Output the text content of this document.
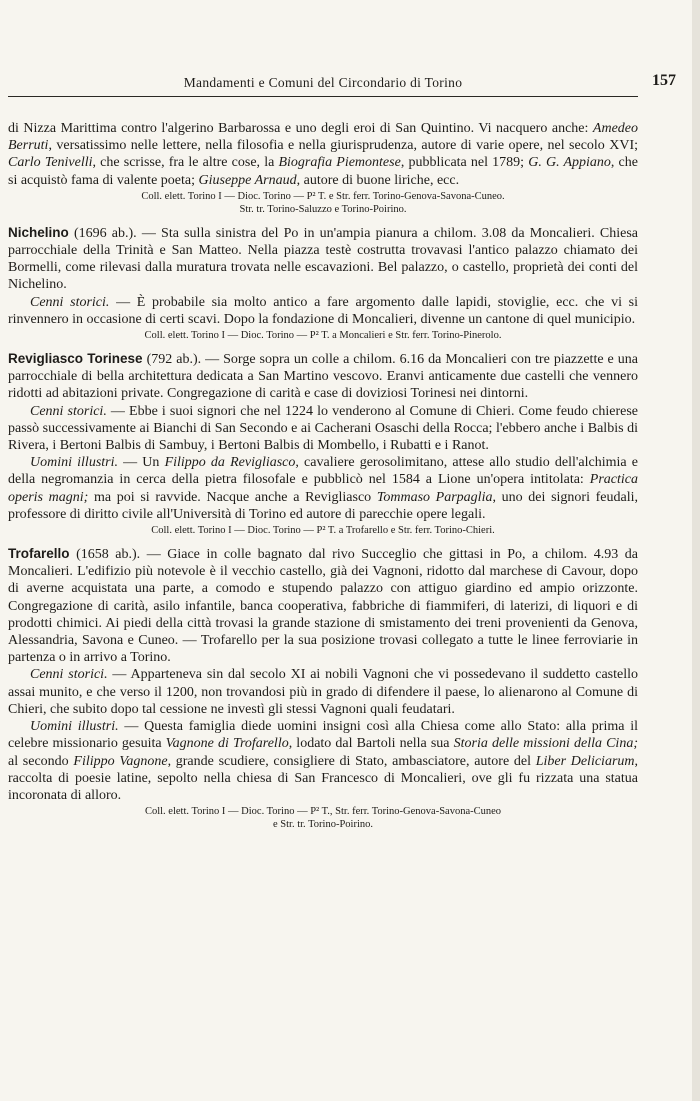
Mandamenti e Comuni del Circondario di Torino	157

di Nizza Marittima contro l'algerino Barbarossa e uno degli eroi di San Quintino. Vi nacquero anche: Amedeo Berruti, versatissimo nelle lettere, nella filosofia e nella giurisprudenza, autore di varie opere, nel secolo XVI; Carlo Tenivelli, che scrisse, fra le altre cose, la Biografia Piemontese, pubblicata nel 1789; G. G. Appiano, che si acquistò fama di valente poeta; Giuseppe Arnaud, autore di buone liriche, ecc.

Coll. elett. Torino I — Dioc. Torino — P² T. e Str. ferr. Torino-Genova-Savona-Cuneo.

Str. tr. Torino-Saluzzo e Torino-Poirino.

Nichelino (1696 ab.). — Sta sulla sinistra del Po in un'ampia pianura a chilom. 3.08 da Moncalieri. Chiesa parrocchiale della Trinità e San Matteo. Nella piazza testè costrutta trovavasi l'antico palazzo chiamato dei Bormelli, come rilevasi dalla muratura trovata nelle escavazioni. Bel palazzo, o castello, proprietà dei conti del Nichelino.

Cenni storici. — È probabile sia molto antico a fare argomento dalle lapidi, stoviglie, ecc. che vi si rinvennero in occasione di certi scavi. Dopo la fondazione di Moncalieri, divenne un cantone di quel municipio.

Coll. elett. Torino I — Dioc. Torino — P² T. a Moncalieri e Str. ferr. Torino-Pinerolo.

Revigliasco Torinese (792 ab.). — Sorge sopra un colle a chilom. 6.16 da Moncalieri con tre piazzette e una parrocchiale di bella architettura dedicata a San Martino vescovo. Eranvi anticamente due castelli che vennero ridotti ad abitazioni private. Congregazione di carità e case di doviziosi Torinesi nei dintorni.

Cenni storici. — Ebbe i suoi signori che nel 1224 lo venderono al Comune di Chieri. Come feudo chierese passò successivamente ai Bianchi di San Secondo e ai Cacherani Osaschi della Rocca; l'ebbero anche i Balbis di Rivera, i Bertoni Balbis di Sambuy, i Bertoni Balbis di Mombello, i Rubatti e i Ranot.

Uomini illustri. — Un Filippo da Revigliasco, cavaliere gerosolimitano, attese allo studio dell'alchimia e della negromanzia in cerca della pietra filosofale e pubblicò nel 1584 a Lione un'opera intitolata: Practica operis magni; ma poi si ravvide. Nacque anche a Revigliasco Tommaso Parpaglia, uno dei signori feudali, professore di diritto civile all'Università di Torino ed autore di parecchie opere legali.

Coll. elett. Torino I — Dioc. Torino — P² T. a Trofarello e Str. ferr. Torino-Chieri.

Trofarello (1658 ab.). — Giace in colle bagnato dal rivo Succeglio che gittasi in Po, a chilom. 4.93 da Moncalieri. L'edifizio più notevole è il vecchio castello, già dei Vagnoni, ridotto dal marchese di Cavour, dopo di averne acquistata una parte, a comodo e stupendo palazzo con attiguo giardino ed ampio orizzonte. Congregazione di carità, asilo infantile, banca cooperativa, fabbriche di fiammiferi, di laterizi, di liquori e di prodotti chimici. Ai piedi della città trovasi la grande stazione di smistamento dei treni provenienti da Genova, Alessandria, Savona e Cuneo. — Trofarello per la sua posizione trovasi collegato a tutte le linee ferroviarie in partenza o in arrivo a Torino.

Cenni storici. — Apparteneva sin dal secolo XI ai nobili Vagnoni che vi possedevano il suddetto castello assai munito, e che verso il 1200, non trovandosi più in grado di difendere il paese, lo alienarono al Comune di Chieri, che subito dopo tal cessione ne investì gli stessi Vagnoni quali feudatari.

Uomini illustri. — Questa famiglia diede uomini insigni così alla Chiesa come allo Stato: alla prima il celebre missionario gesuita Vagnone di Trofarello, lodato dal Bartoli nella sua Storia delle missioni della Cina; al secondo Filippo Vagnone, grande scudiere, consigliere di Stato, ambasciatore, autore del Liber Deliciarum, raccolta di poesie latine, sepolto nella chiesa di San Francesco di Moncalieri, ove gli fu rizzata una statua incoronata di alloro.

Coll. elett. Torino I — Dioc. Torino — P² T., Str. ferr. Torino-Genova-Savona-Cuneo

e Str. tr. Torino-Poirino.
